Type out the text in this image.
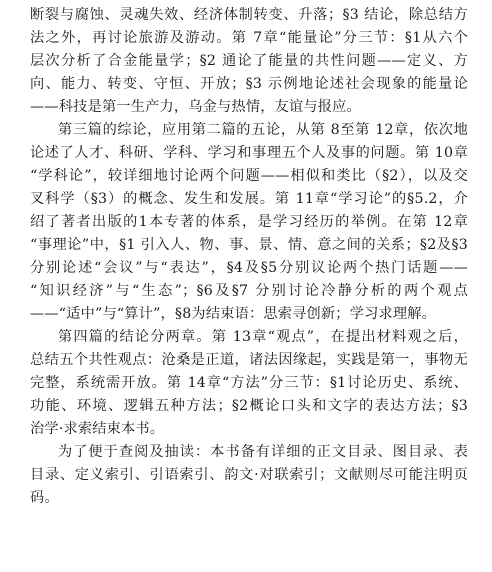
断裂与腐蚀、灵魂失效、经济体制转变、升落；§3 结论，除总结方
法之外，再讨论旅游及游动。第 7章“能量论”分三节：§1从六个
层次分析了合金能量学；§2 通论了能量的共性问题——定义、方
向、能力、转变、守恒、开放；§3 示例地论述社会现象的能量论
——科技是第一生产力，乌金与热情，友谊与报应。
第三篇的综论，应用第二篇的五论，从第 8至第 12章，依次地
论述了人才、科研、学科、学习和事理五个人及事的问题。第 10章
“学科论”，较详细地讨论两个问题——相似和类比（§2），以及交
叉科学（§3）的概念、发生和发展。第 11章“学习论”的§5.2，介
绍了著者出版的1本专著的体系，是学习经历的举例。在第 12章
“事理论”中，§1 引入人、物、事、景、情、意之间的关系；§2及§3
分别论述“会议”与“表达”，§4及§5分别议论两个热门话题——
“知识经济”与“生态”；§6及§7 分别讨论冷静分析的两个观点
——“适中”与“算计”，§8为结束语：思索寻创新；学习求理解。
第四篇的结论分两章。第 13章“观点”，在提出材料观之后，
总结五个共性观点：沧桑是正道，诸法因缘起，实践是第一，事物无
完整，系统需开放。第 14章“方法”分三节：§1讨论历史、系统、
功能、环境、逻辑五种方法；§2概论口头和文字的表达方法；§3
治学·求索结束本书。
为了便于查阅及抽读：本书备有详细的正文目录、图目录、表
目录、定义索引、引语索引、韵文·对联索引；文献则尽可能注明页
码。
